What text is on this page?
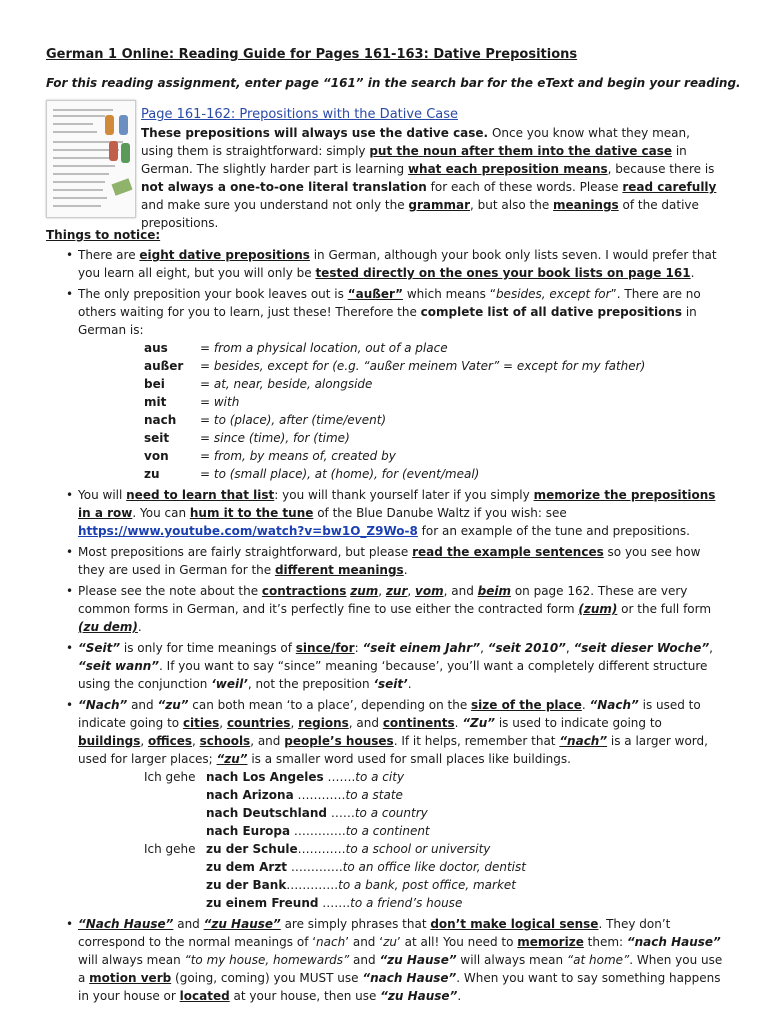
German 1 Online: Reading Guide for Pages 161-163: Dative Prepositions
For this reading assignment, enter page “161” in the search bar for the eText and begin your reading.
Page 161-162: Prepositions with the Dative Case

These prepositions will always use the dative case. Once you know what they mean, using them is straightforward: simply put the noun after them into the dative case in German. The slightly harder part is learning what each preposition means, because there is not always a one-to-one literal translation for each of these words. Please read carefully and make sure you understand not only the grammar, but also the meanings of the dative prepositions.

Things to notice:
• There are eight dative prepositions in German, although your book only lists seven. I would prefer that you learn all eight, but you will only be tested directly on the ones your book lists on page 161.
• The only preposition your book leaves out is “außer” which means “besides, except for”. There are no others waiting for you to learn, just these! Therefore the complete list of all dative prepositions in German is:
aus	= from a physical location, out of a place
außer	= besides, except for (e.g. “außer meinem Vater” = except for my father)
bei	= at, near, beside, alongside
mit	= with
nach	= to (place), after (time/event)
seit	= since (time), for (time)
von	= from, by means of, created by
zu	= to (small place), at (home), for (event/meal)
• You will need to learn that list: you will thank yourself later if you simply memorize the prepositions in a row. You can hum it to the tune of the Blue Danube Waltz if you wish: see https://www.youtube.com/watch?v=bw1O_Z9Wo-8 for an example of the tune and prepositions.
• Most prepositions are fairly straightforward, but please read the example sentences so you see how they are used in German for the different meanings.
• Please see the note about the contractions zum, zur, vom, and beim on page 162. These are very common forms in German, and it’s perfectly fine to use either the contracted form (zum) or the full form (zu dem).
• “Seit” is only for time meanings of since/for: “seit einem Jahr”, “seit 2010”, “seit dieser Woche”, “seit wann”. If you want to say “since” meaning ‘because’, you’ll want a completely different structure using the conjunction ‘weil’, not the preposition ‘seit’.
• “Nach” and “zu” can both mean ‘to a place’, depending on the size of the place. “Nach” is used to indicate going to cities, countries, regions, and continents. “Zu” is used to indicate going to buildings, offices, schools, and people’s houses. If it helps, remember that “nach” is a larger word, used for larger places; “zu” is a smaller word used for small places like buildings.
Ich gehe	nach Los Angeles …….to a city
	nach Arizona …………to a state
	nach Deutschland ……to a country
	nach Europa ………….to a continent
Ich gehe	zu der Schule…………to a school or university
	zu dem Arzt ………….to an office like doctor, dentist
	zu der Bank………….to a bank, post office, market
	zu einem Freund …….to a friend’s house
• “Nach Hause” and “zu Hause” are simply phrases that don’t make logical sense. They don’t correspond to the normal meanings of ‘nach’ and ‘zu’ at all! You need to memorize them: “nach Hause” will always mean “to my house, homewards” and “zu Hause” will always mean “at home”. When you use a motion verb (going, coming) you MUST use “nach Hause”. When you want to say something happens in your house or located at your house, then use “zu Hause”.
